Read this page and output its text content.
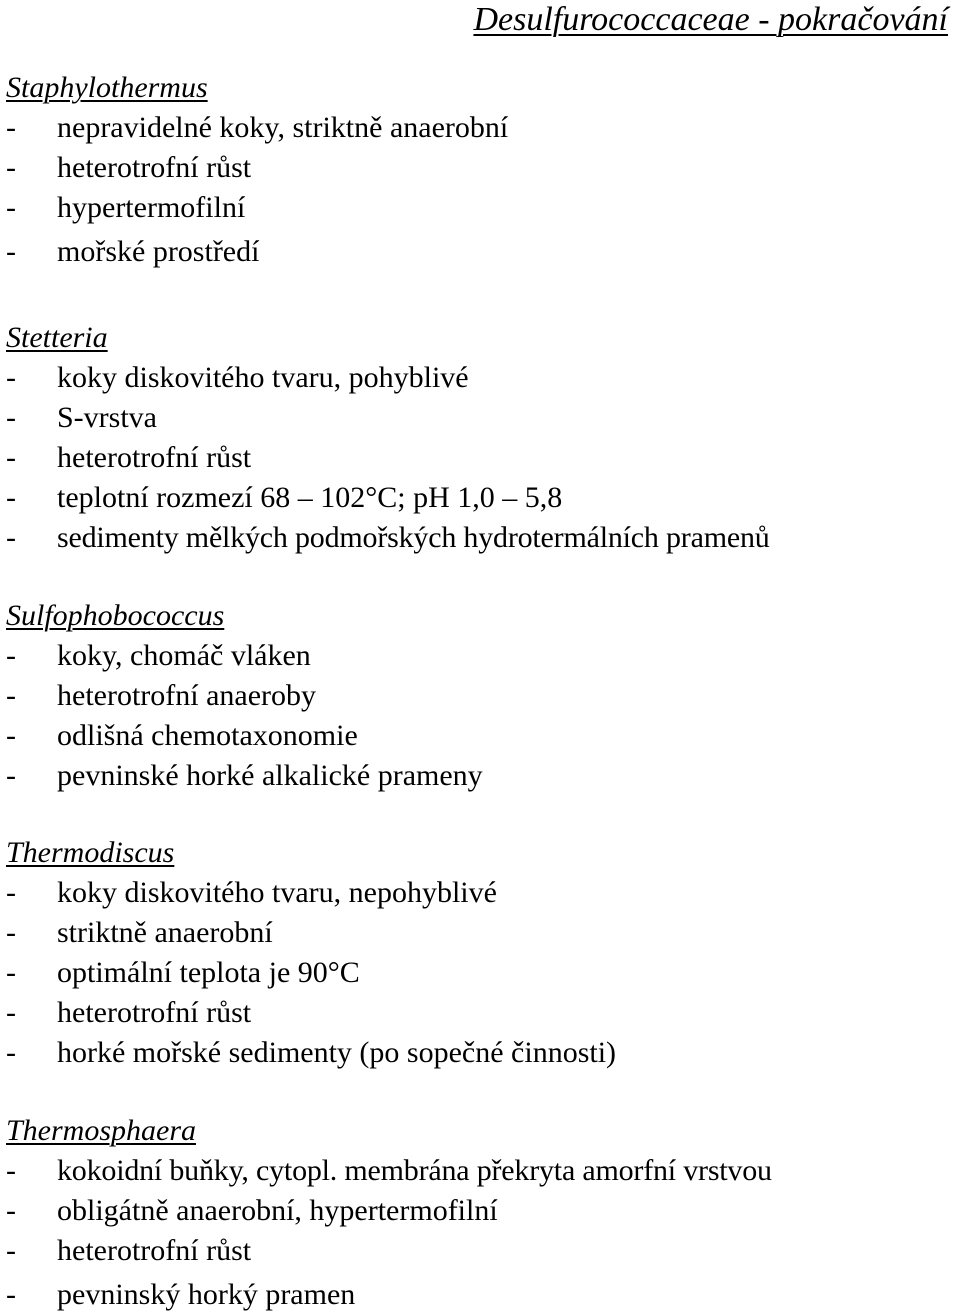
Desulfurococcaceae - pokračování
Staphylothermus
-	nepravidelné koky, striktně anaerobní
-	heterotrofní růst
-	hypertermofilní
-	mořské prostředí
Stetteria
-	koky diskovitého tvaru, pohyblivé
-	S-vrstva
-	heterotrofní růst
-	teplotní rozmezí 68 – 102°C; pH 1,0 – 5,8
-	sedimenty mělkých podmořských hydrotermálních pramenů
Sulfophobococcus
-	koky, chomáč vláken
-	heterotrofní anaeroby
-	odlišná chemotaxonomie
-	pevninské horké alkalické prameny
Thermodiscus
-	koky diskovitého tvaru, nepohyblivé
-	striktně anaerobní
-	optimální teplota je 90°C
-	heterotrofní růst
-	horké mořské sedimenty (po sopečné činnosti)
Thermosphaera
-	kokoidní buňky, cytopl. membrána překryta amorfní vrstvou
-	obligátně anaerobní, hypertermofilní
-	heterotrofní růst
-	pevninský horký pramen
